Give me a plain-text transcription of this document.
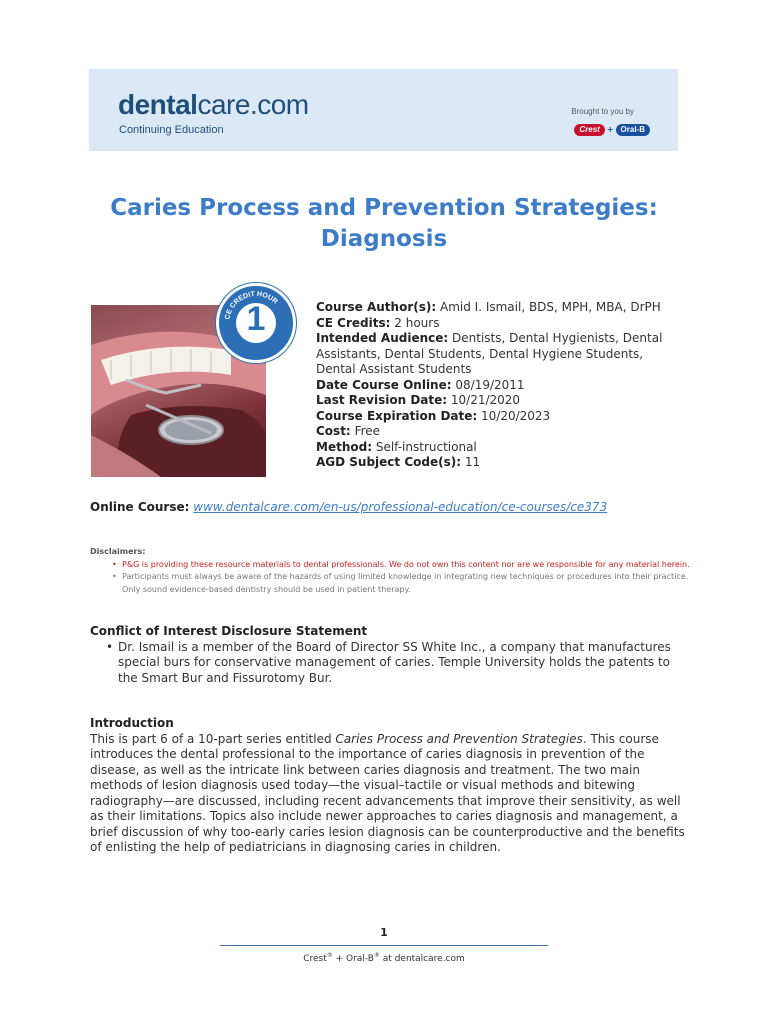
dentalcare.com
Continuing Education
Brought to you by
Crest + Oral-B
Caries Process and Prevention Strategies: Diagnosis
CE CREDIT HOUR
1	Course Author(s): Amid I. Ismail, BDS, MPH, MBA, DrPH
CE Credits: 2 hours
Intended Audience: Dentists, Dental Hygienists, Dental Assistants, Dental Students, Dental Hygiene Students, Dental Assistant Students
Date Course Online: 08/19/2011
Last Revision Date: 10/21/2020
Course Expiration Date: 10/20/2023
Cost: Free
Method: Self-instructional
AGD Subject Code(s): 11
Online Course: www.dentalcare.com/en-us/professional-education/ce-courses/ce373
Disclaimers:
• P&G is providing these resource materials to dental professionals. We do not own this content nor are we responsible for any material herein.
• Participants must always be aware of the hazards of using limited knowledge in integrating new techniques or procedures into their practice. Only sound evidence-based dentistry should be used in patient therapy.
Conflict of Interest Disclosure Statement
• Dr. Ismail is a member of the Board of Director SS White Inc., a company that manufactures special burs for conservative management of caries. Temple University holds the patents to the Smart Bur and Fissurotomy Bur.
Introduction
This is part 6 of a 10-part series entitled Caries Process and Prevention Strategies. This course introduces the dental professional to the importance of caries diagnosis in prevention of the disease, as well as the intricate link between caries diagnosis and treatment. The two main methods of lesion diagnosis used today—the visual–tactile or visual methods and bitewing radiography—are discussed, including recent advancements that improve their sensitivity, as well as their limitations. Topics also include newer approaches to caries diagnosis and management, a brief discussion of why too-early caries lesion diagnosis can be counterproductive and the benefits of enlisting the help of pediatricians in diagnosing caries in children.
1
Crest® + Oral-B® at dentalcare.com
